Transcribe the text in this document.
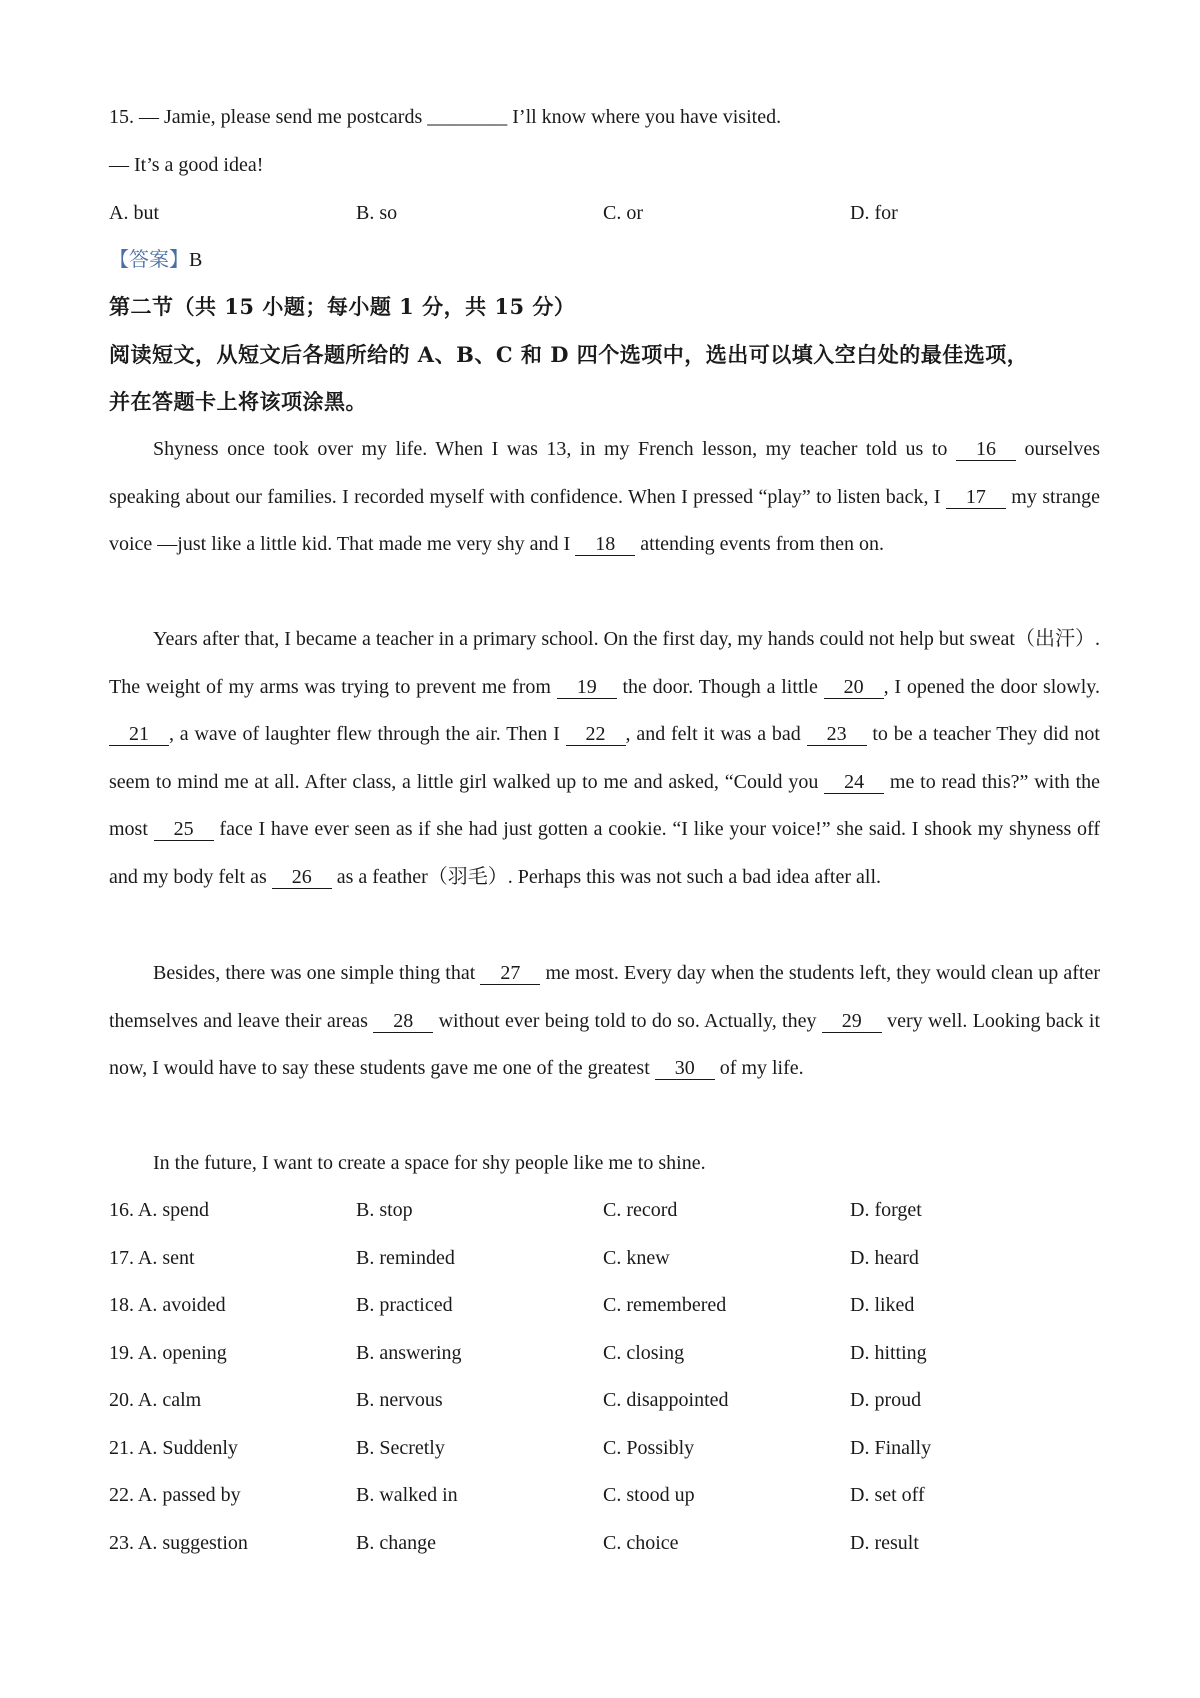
15. — Jamie, please send me postcards ________ I’ll know where you have visited.
— It’s a good idea!
A. but	B. so	C. or	D. for
【答案】B
第二节（共 15 小题；每小题 1 分，共 15 分）
阅读短文，从短文后各题所给的 A、B、C 和 D 四个选项中，选出可以填入空白处的最佳选项，
并在答题卡上将该项涂黑。
Shyness once took over my life. When I was 13, in my French lesson, my teacher told us to 16 ourselves speaking about our families. I recorded myself with confidence. When I pressed “play” to listen back, I 17 my strange voice —just like a little kid. That made me very shy and I 18 attending events from then on.
Years after that, I became a teacher in a primary school. On the first day, my hands could not help but sweat（出汗）. The weight of my arms was trying to prevent me from 19 the door. Though a little 20 , I opened the door slowly. 21 , a wave of laughter flew through the air. Then I 22 , and felt it was a bad 23 to be a teacher They did not seem to mind me at all. After class, a little girl walked up to me and asked, “Could you 24 me to read this?” with the most 25 face I have ever seen as if she had just gotten a cookie. “I like your voice!” she said. I shook my shyness off and my body felt as 26 as a feather（羽毛）. Perhaps this was not such a bad idea after all.
Besides, there was one simple thing that 27 me most. Every day when the students left, they would clean up after themselves and leave their areas 28 without ever being told to do so. Actually, they 29 very well. Looking back it now, I would have to say these students gave me one of the greatest 30 of my life.
In the future, I want to create a space for shy people like me to shine.
16. A. spend	B. stop	C. record	D. forget
17. A. sent	B. reminded	C. knew	D. heard
18. A. avoided	B. practiced	C. remembered	D. liked
19. A. opening	B. answering	C. closing	D. hitting
20. A. calm	B. nervous	C. disappointed	D. proud
21. A. Suddenly	B. Secretly	C. Possibly	D. Finally
22. A. passed by	B. walked in	C. stood up	D. set off
23. A. suggestion	B. change	C. choice	D. result
